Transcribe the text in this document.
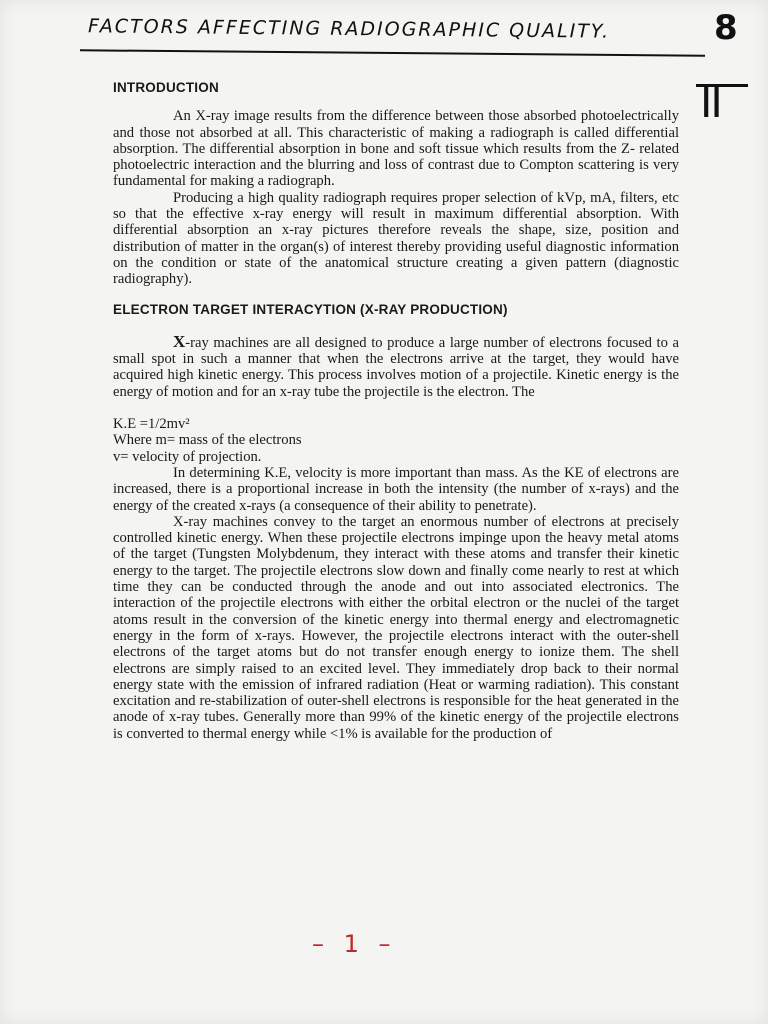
FACTORS AFFECTING RADIOGRAPHIC QUALITY.	8
II
INTRODUCTION

An X-ray image results from the difference between those absorbed photoelectrically and those not absorbed at all. This characteristic of making a radiograph is called differential absorption. The differential absorption in bone and soft tissue which results from the Z- related photoelectric interaction and the blurring and loss of contrast due to Compton scattering is very fundamental for making a radiograph.

Producing a high quality radiograph requires proper selection of kVp, mA, filters, etc so that the effective x-ray energy will result in maximum differential absorption. With differential absorption an x-ray pictures therefore reveals the shape, size, position and distribution of matter in the organ(s) of interest thereby providing useful diagnostic information on the condition or state of the anatomical structure creating a given pattern (diagnostic radiography).

ELECTRON TARGET INTERACYTION (X-RAY PRODUCTION)

X-ray machines are all designed to produce a large number of electrons focused to a small spot in such a manner that when the electrons arrive at the target, they would have acquired high kinetic energy. This process involves motion of a projectile. Kinetic energy is the energy of motion and for an x-ray tube the projectile is the electron. The

K.E =1/2mv²
Where m= mass of the electrons
v= velocity of projection.

In determining K.E, velocity is more important than mass. As the KE of electrons are increased, there is a proportional increase in both the intensity (the number of x-rays) and the energy of the created x-rays (a consequence of their ability to penetrate).

X-ray machines convey to the target an enormous number of electrons at precisely controlled kinetic energy. When these projectile electrons impinge upon the heavy metal atoms of the target (Tungsten Molybdenum, they interact with these atoms and transfer their kinetic energy to the target. The projectile electrons slow down and finally come nearly to rest at which time they can be conducted through the anode and out into associated electronics. The interaction of the projectile electrons with either the orbital electron or the nuclei of the target atoms result in the conversion of the kinetic energy into thermal energy and electromagnetic energy in the form of x-rays. However, the projectile electrons interact with the outer-shell electrons of the target atoms but do not transfer enough energy to ionize them. The shell electrons are simply raised to an excited level. They immediately drop back to their normal energy state with the emission of infrared radiation (Heat or warming radiation). This constant excitation and re-stabilization of outer-shell electrons is responsible for the heat generated in the anode of x-ray tubes. Generally more than 99% of the kinetic energy of the projectile electrons is converted to thermal energy while <1% is available for the production of

– 1 –
